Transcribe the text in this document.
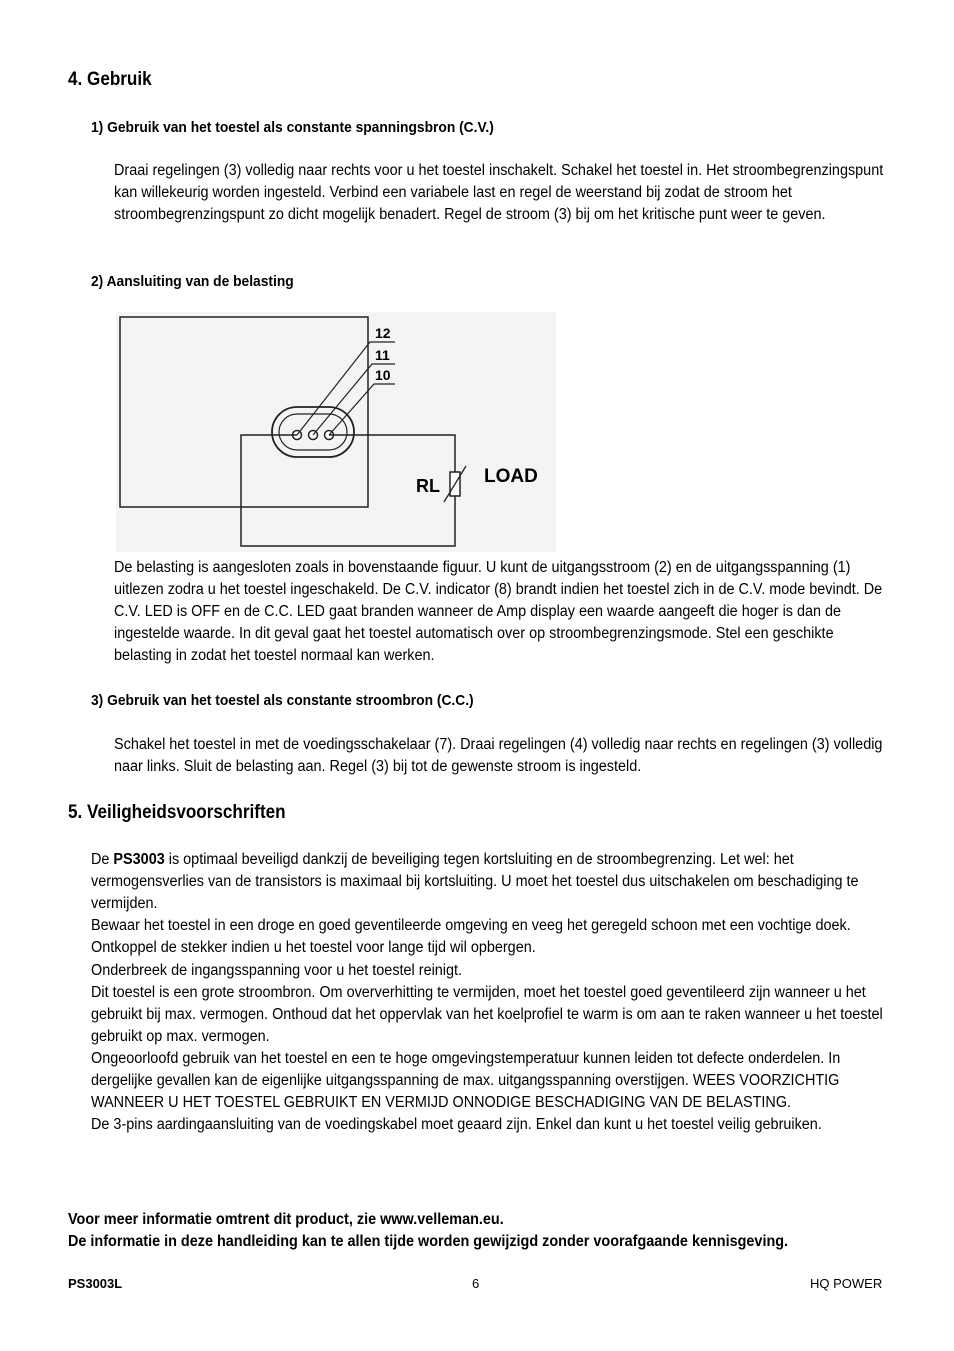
4. Gebruik
1) Gebruik van het toestel als constante spanningsbron (C.V.)

Draai regelingen (3) volledig naar rechts voor u het toestel inschakelt. Schakel het toestel in. Het stroombegrenzingspunt kan willekeurig worden ingesteld. Verbind een variabele last en regel de weerstand bij zodat de stroom het stroombegrenzingspunt zo dicht mogelijk benadert. Regel de stroom (3) bij om het kritische punt weer te geven.

2) Aansluiting van de belasting
12
11
10
RL LOAD

De belasting is aangesloten zoals in bovenstaande figuur. U kunt de uitgangsstroom (2) en de uitgangsspanning (1) uitlezen zodra u het toestel ingeschakeld. De C.V. indicator (8) brandt indien het toestel zich in de C.V. mode bevindt. De C.V. LED is OFF en de C.C. LED gaat branden wanneer de Amp display een waarde aangeeft die hoger is dan de ingestelde waarde. In dit geval gaat het toestel automatisch over op stroombegrenzingsmode. Stel een geschikte belasting in zodat het toestel normaal kan werken.

3) Gebruik van het toestel als constante stroombron (C.C.)

Schakel het toestel in met de voedingsschakelaar (7). Draai regelingen (4) volledig naar rechts en regelingen (3) volledig naar links. Sluit de belasting aan. Regel (3) bij tot de gewenste stroom is ingesteld.

5. Veiligheidsvoorschriften

De PS3003 is optimaal beveiligd dankzij de beveiliging tegen kortsluiting en de stroombegrenzing. Let wel: het vermogensverlies van de transistors is maximaal bij kortsluiting. U moet het toestel dus uitschakelen om beschadiging te vermijden.

Bewaar het toestel in een droge en goed geventileerde omgeving en veeg het geregeld schoon met een vochtige doek. Ontkoppel de stekker indien u het toestel voor lange tijd wil opbergen.

Onderbreek de ingangsspanning voor u het toestel reinigt.

Dit toestel is een grote stroombron. Om oververhitting te vermijden, moet het toestel goed geventileerd zijn wanneer u het gebruikt bij max. vermogen. Onthoud dat het oppervlak van het koelprofiel te warm is om aan te raken wanneer u het toestel gebruikt op max. vermogen.

Ongeoorloofd gebruik van het toestel en een te hoge omgevingstemperatuur kunnen leiden tot defecte onderdelen. In dergelijke gevallen kan de eigenlijke uitgangsspanning de max. uitgangsspanning overstijgen. WEES VOORZICHTIG WANNEER U HET TOESTEL GEBRUIKT EN VERMIJD ONNODIGE BESCHADIGING VAN DE BELASTING.

De 3-pins aardingaansluiting van de voedingskabel moet geaard zijn. Enkel dan kunt u het toestel veilig gebruiken.

Voor meer informatie omtrent dit product, zie www.velleman.eu.

De informatie in deze handleiding kan te allen tijde worden gewijzigd zonder voorafgaande kennisgeving.

PS3003L	6	HQ POWER
